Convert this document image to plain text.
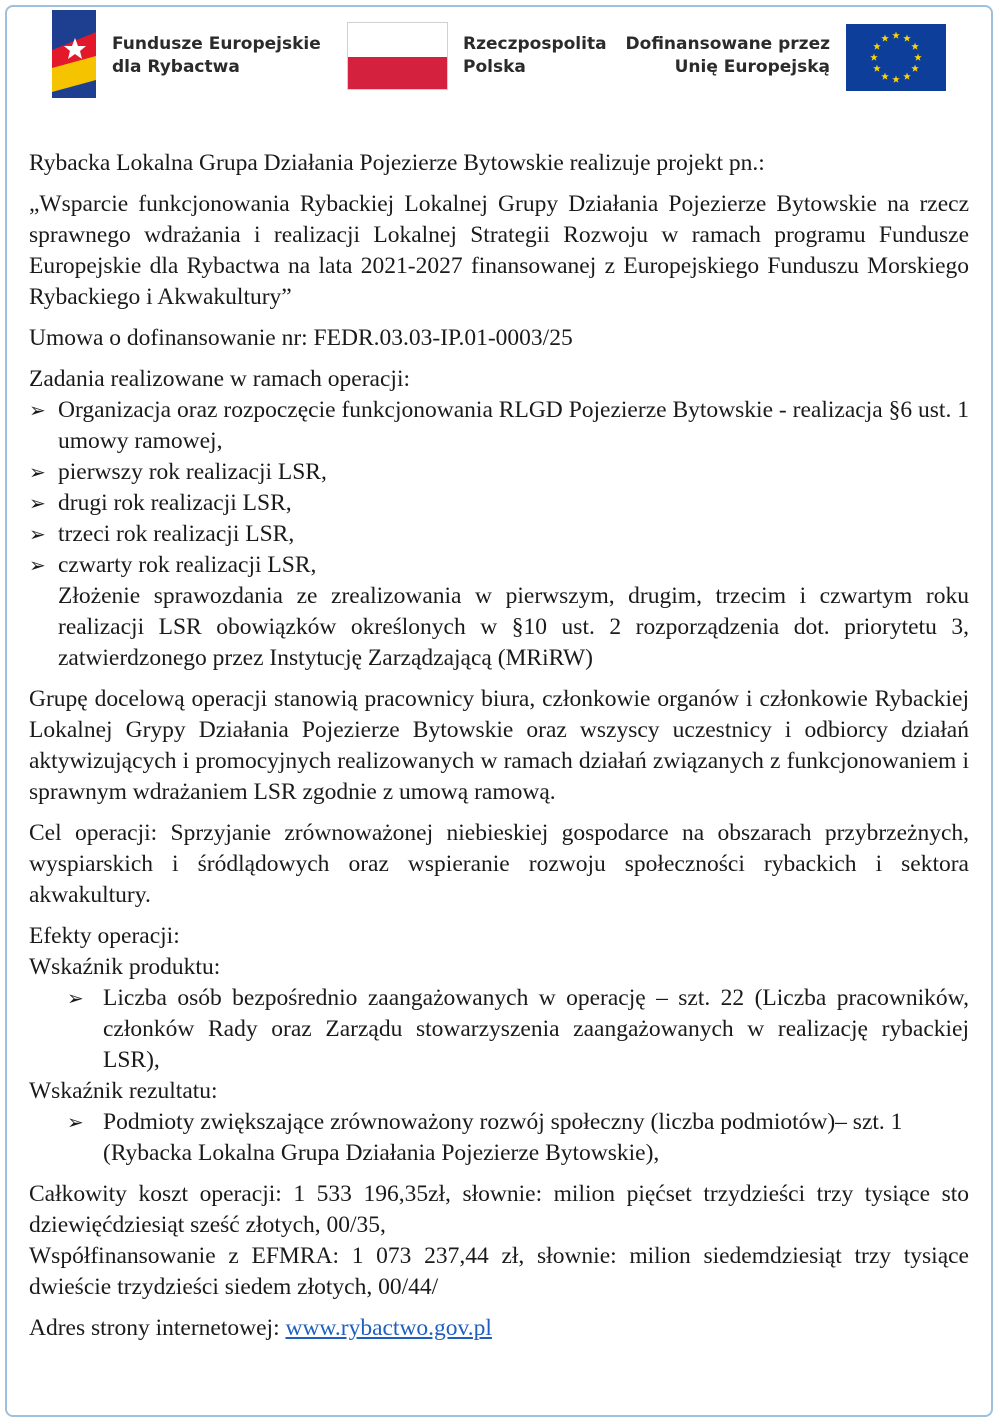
Fundusze Europejskie
dla Rybactwa
Rzeczpospolita
Polska
Dofinansowane przez
Unię Europejską

Rybacka Lokalna Grupa Działania Pojezierze Bytowskie realizuje projekt pn.:

„Wsparcie funkcjonowania Rybackiej Lokalnej Grupy Działania Pojezierze Bytowskie na rzecz sprawnego wdrażania i realizacji Lokalnej Strategii Rozwoju w ramach programu Fundusze Europejskie dla Rybactwa na lata 2021-2027 finansowanej z Europejskiego Funduszu Morskiego Rybackiego i Akwakultury”

Umowa o dofinansowanie nr: FEDR.03.03-IP.01-0003/25

Zadania realizowane w ramach operacji:

➢ Organizacja oraz rozpoczęcie funkcjonowania RLGD Pojezierze Bytowskie - realizacja §6 ust. 1 umowy ramowej,
➢ pierwszy rok realizacji LSR,
➢ drugi rok realizacji LSR,
➢ trzeci rok realizacji LSR,
➢ czwarty rok realizacji LSR,

Złożenie sprawozdania ze zrealizowania w pierwszym, drugim, trzecim i czwartym roku realizacji LSR obowiązków określonych w §10 ust. 2 rozporządzenia dot. priorytetu 3, zatwierdzonego przez Instytucję Zarządzającą (MRiRW)

Grupę docelową operacji stanowią pracownicy biura, członkowie organów i członkowie Rybackiej Lokalnej Grypy Działania Pojezierze Bytowskie oraz wszyscy uczestnicy i odbiorcy działań aktywizujących i promocyjnych realizowanych w ramach działań związanych z funkcjonowaniem i sprawnym wdrażaniem LSR zgodnie z umową ramową.

Cel operacji: Sprzyjanie zrównoważonej niebieskiej gospodarce na obszarach przybrzeżnych, wyspiarskich i śródlądowych oraz wspieranie rozwoju społeczności rybackich i sektora akwakultury.

Efekty operacji:

Wskaźnik produktu:

➢ Liczba osób bezpośrednio zaangażowanych w operację – szt. 22 (Liczba pracowników, członków Rady oraz Zarządu stowarzyszenia zaangażowanych w realizację rybackiej LSR),

Wskaźnik rezultatu:

➢ Podmioty zwiększające zrównoważony rozwój społeczny (liczba podmiotów)– szt. 1 (Rybacka Lokalna Grupa Działania Pojezierze Bytowskie),

Całkowity koszt operacji: 1 533 196,35zł, słownie: milion pięćset trzydzieści trzy tysiące sto dziewięćdziesiąt sześć złotych, 00/35,

Współfinansowanie z EFMRA: 1 073 237,44 zł, słownie: milion siedemdziesiąt trzy tysiące dwieście trzydzieści siedem złotych, 00/44/

Adres strony internetowej: www.rybactwo.gov.pl
